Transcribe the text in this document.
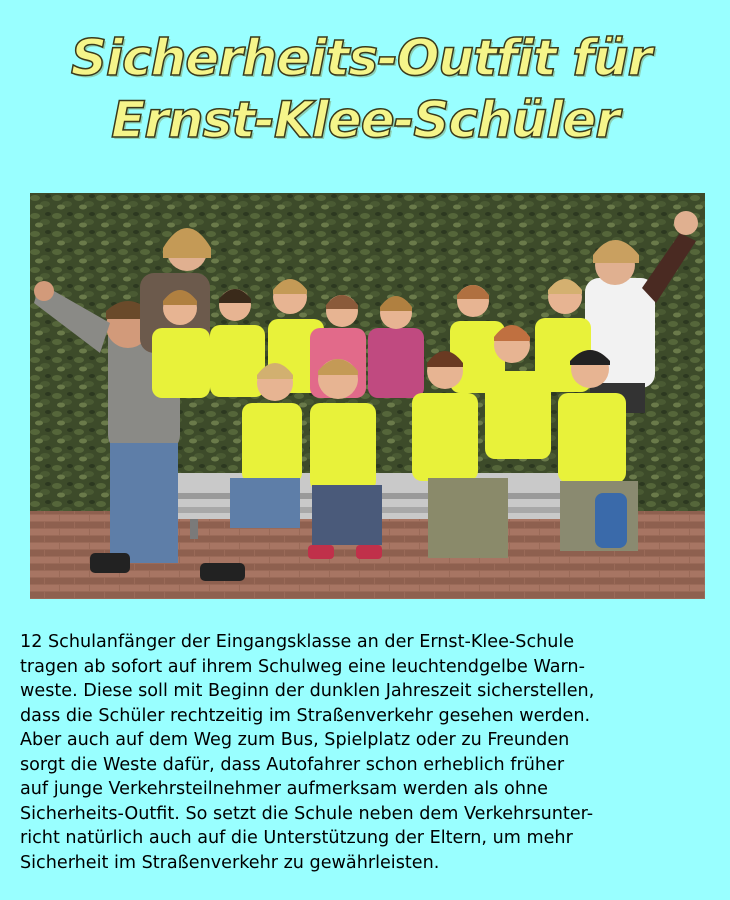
Sicherheits-Outfit für
Ernst-Klee-Schüler
12 Schulanfänger der Eingangsklasse an der Ernst-Klee-Schule
tragen ab sofort auf ihrem Schulweg eine leuchtendgelbe Warn-
weste. Diese soll mit Beginn der dunklen Jahreszeit sicherstellen,
dass die Schüler rechtzeitig im Straßenverkehr gesehen werden.
Aber auch auf dem Weg zum Bus, Spielplatz oder zu Freunden
sorgt die Weste dafür, dass Autofahrer schon erheblich früher
auf junge Verkehrsteilnehmer aufmerksam werden als ohne
Sicherheits-Outfit. So setzt die Schule neben dem Verkehrsunter-
richt natürlich auch auf die Unterstützung der Eltern, um mehr
Sicherheit im Straßenverkehr zu gewährleisten.
